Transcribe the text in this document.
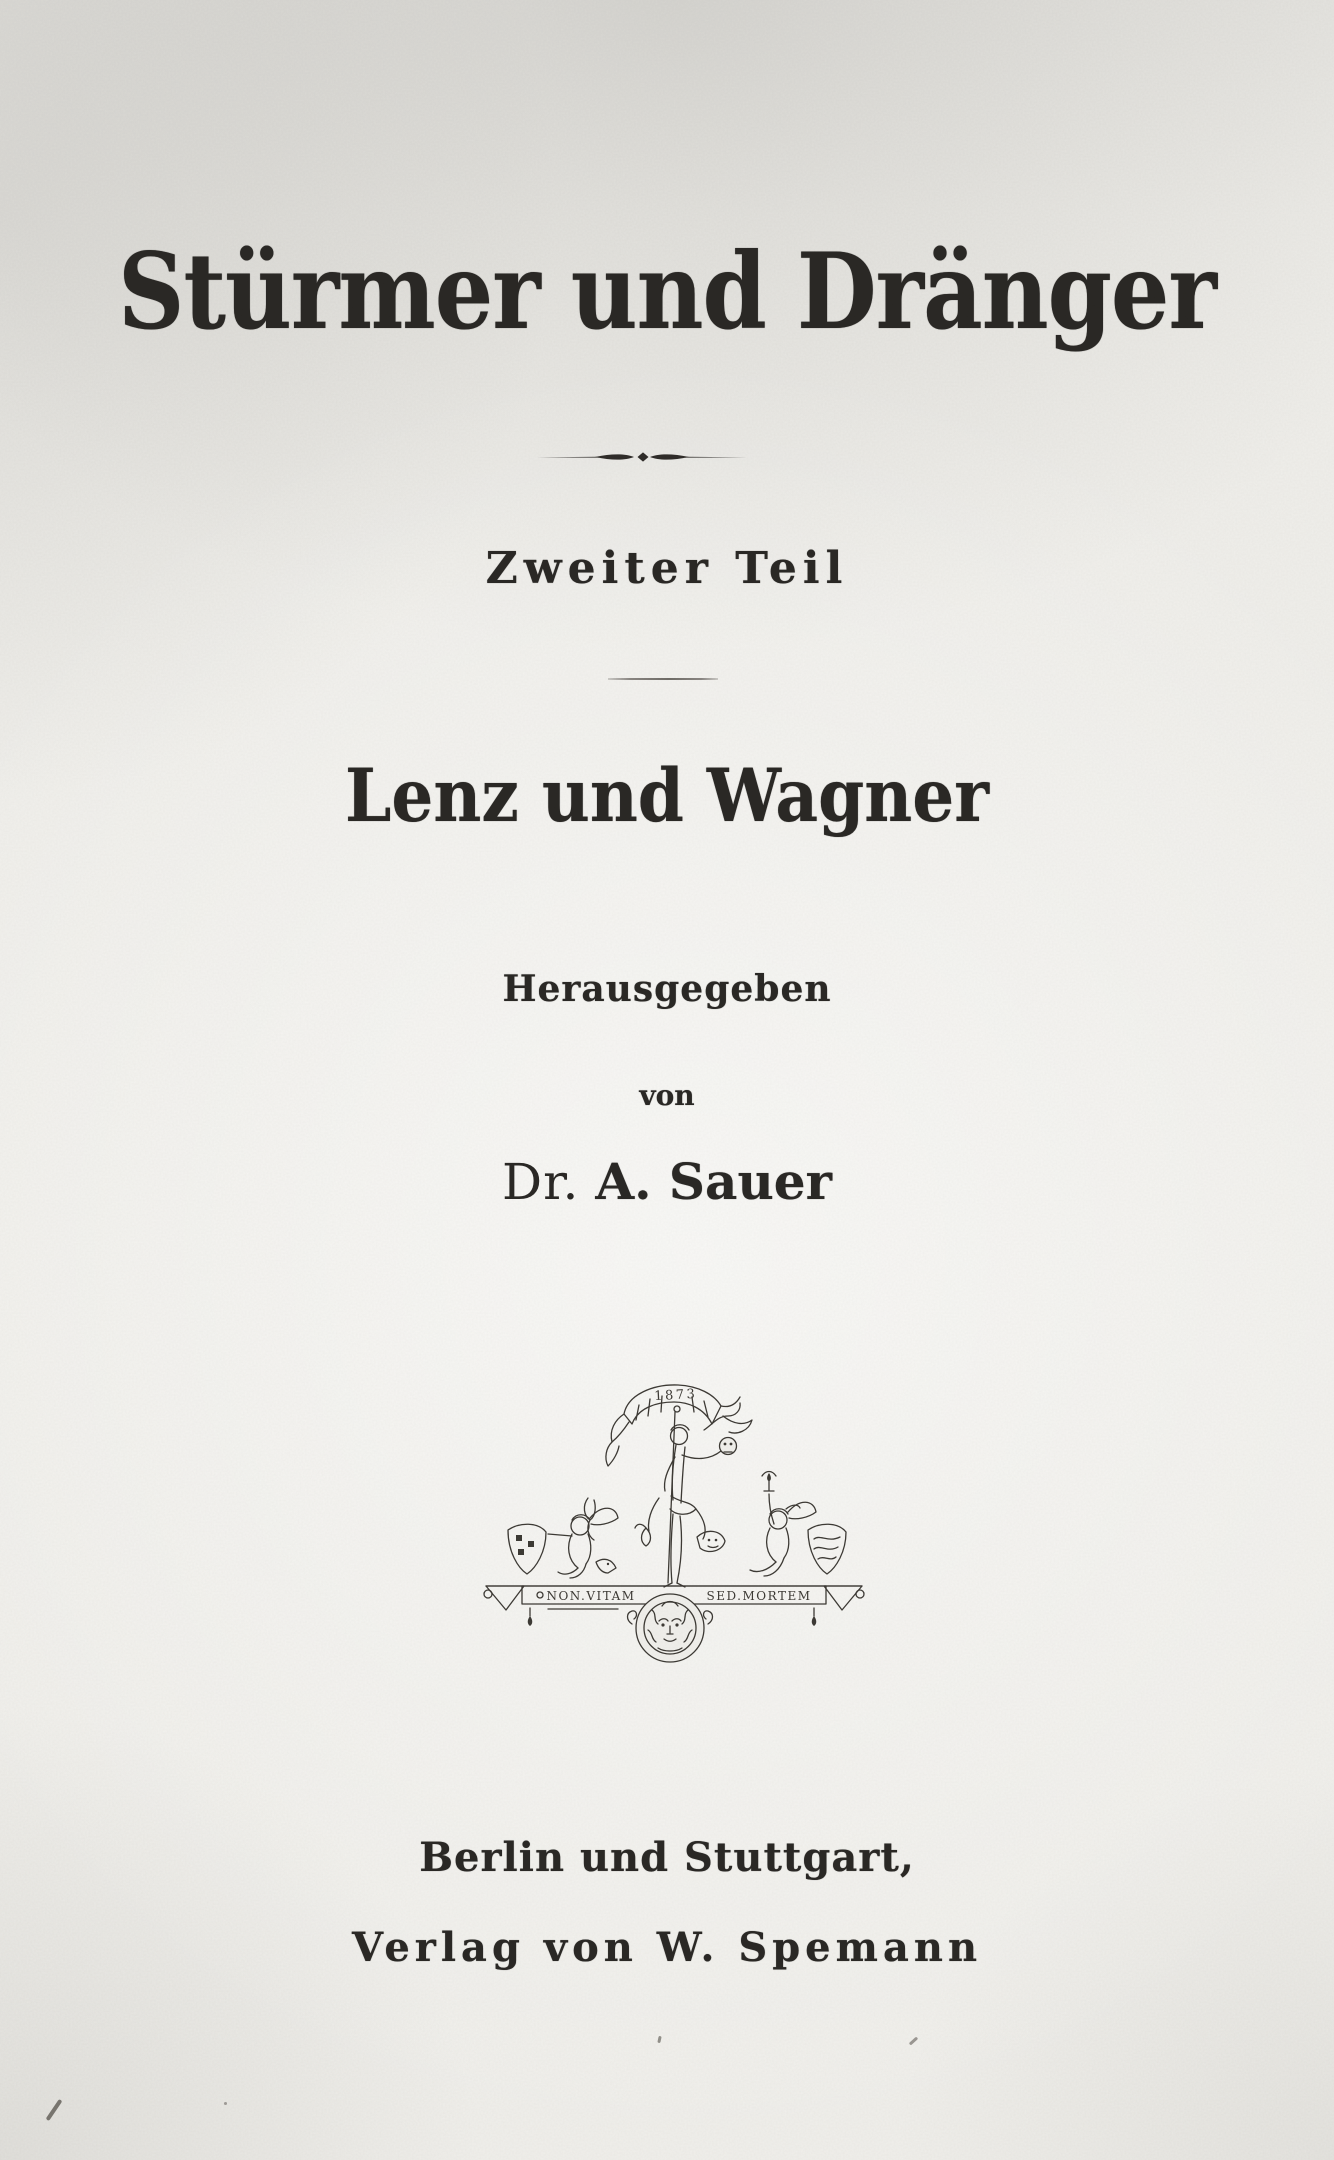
Stürmer und Dränger
Zweiter Teil
Lenz und Wagner
Herausgegeben
von
Dr. A. Sauer
1873
NON.VITAM	SED.MORTEM
Berlin und Stuttgart,
Verlag von W. Spemann
